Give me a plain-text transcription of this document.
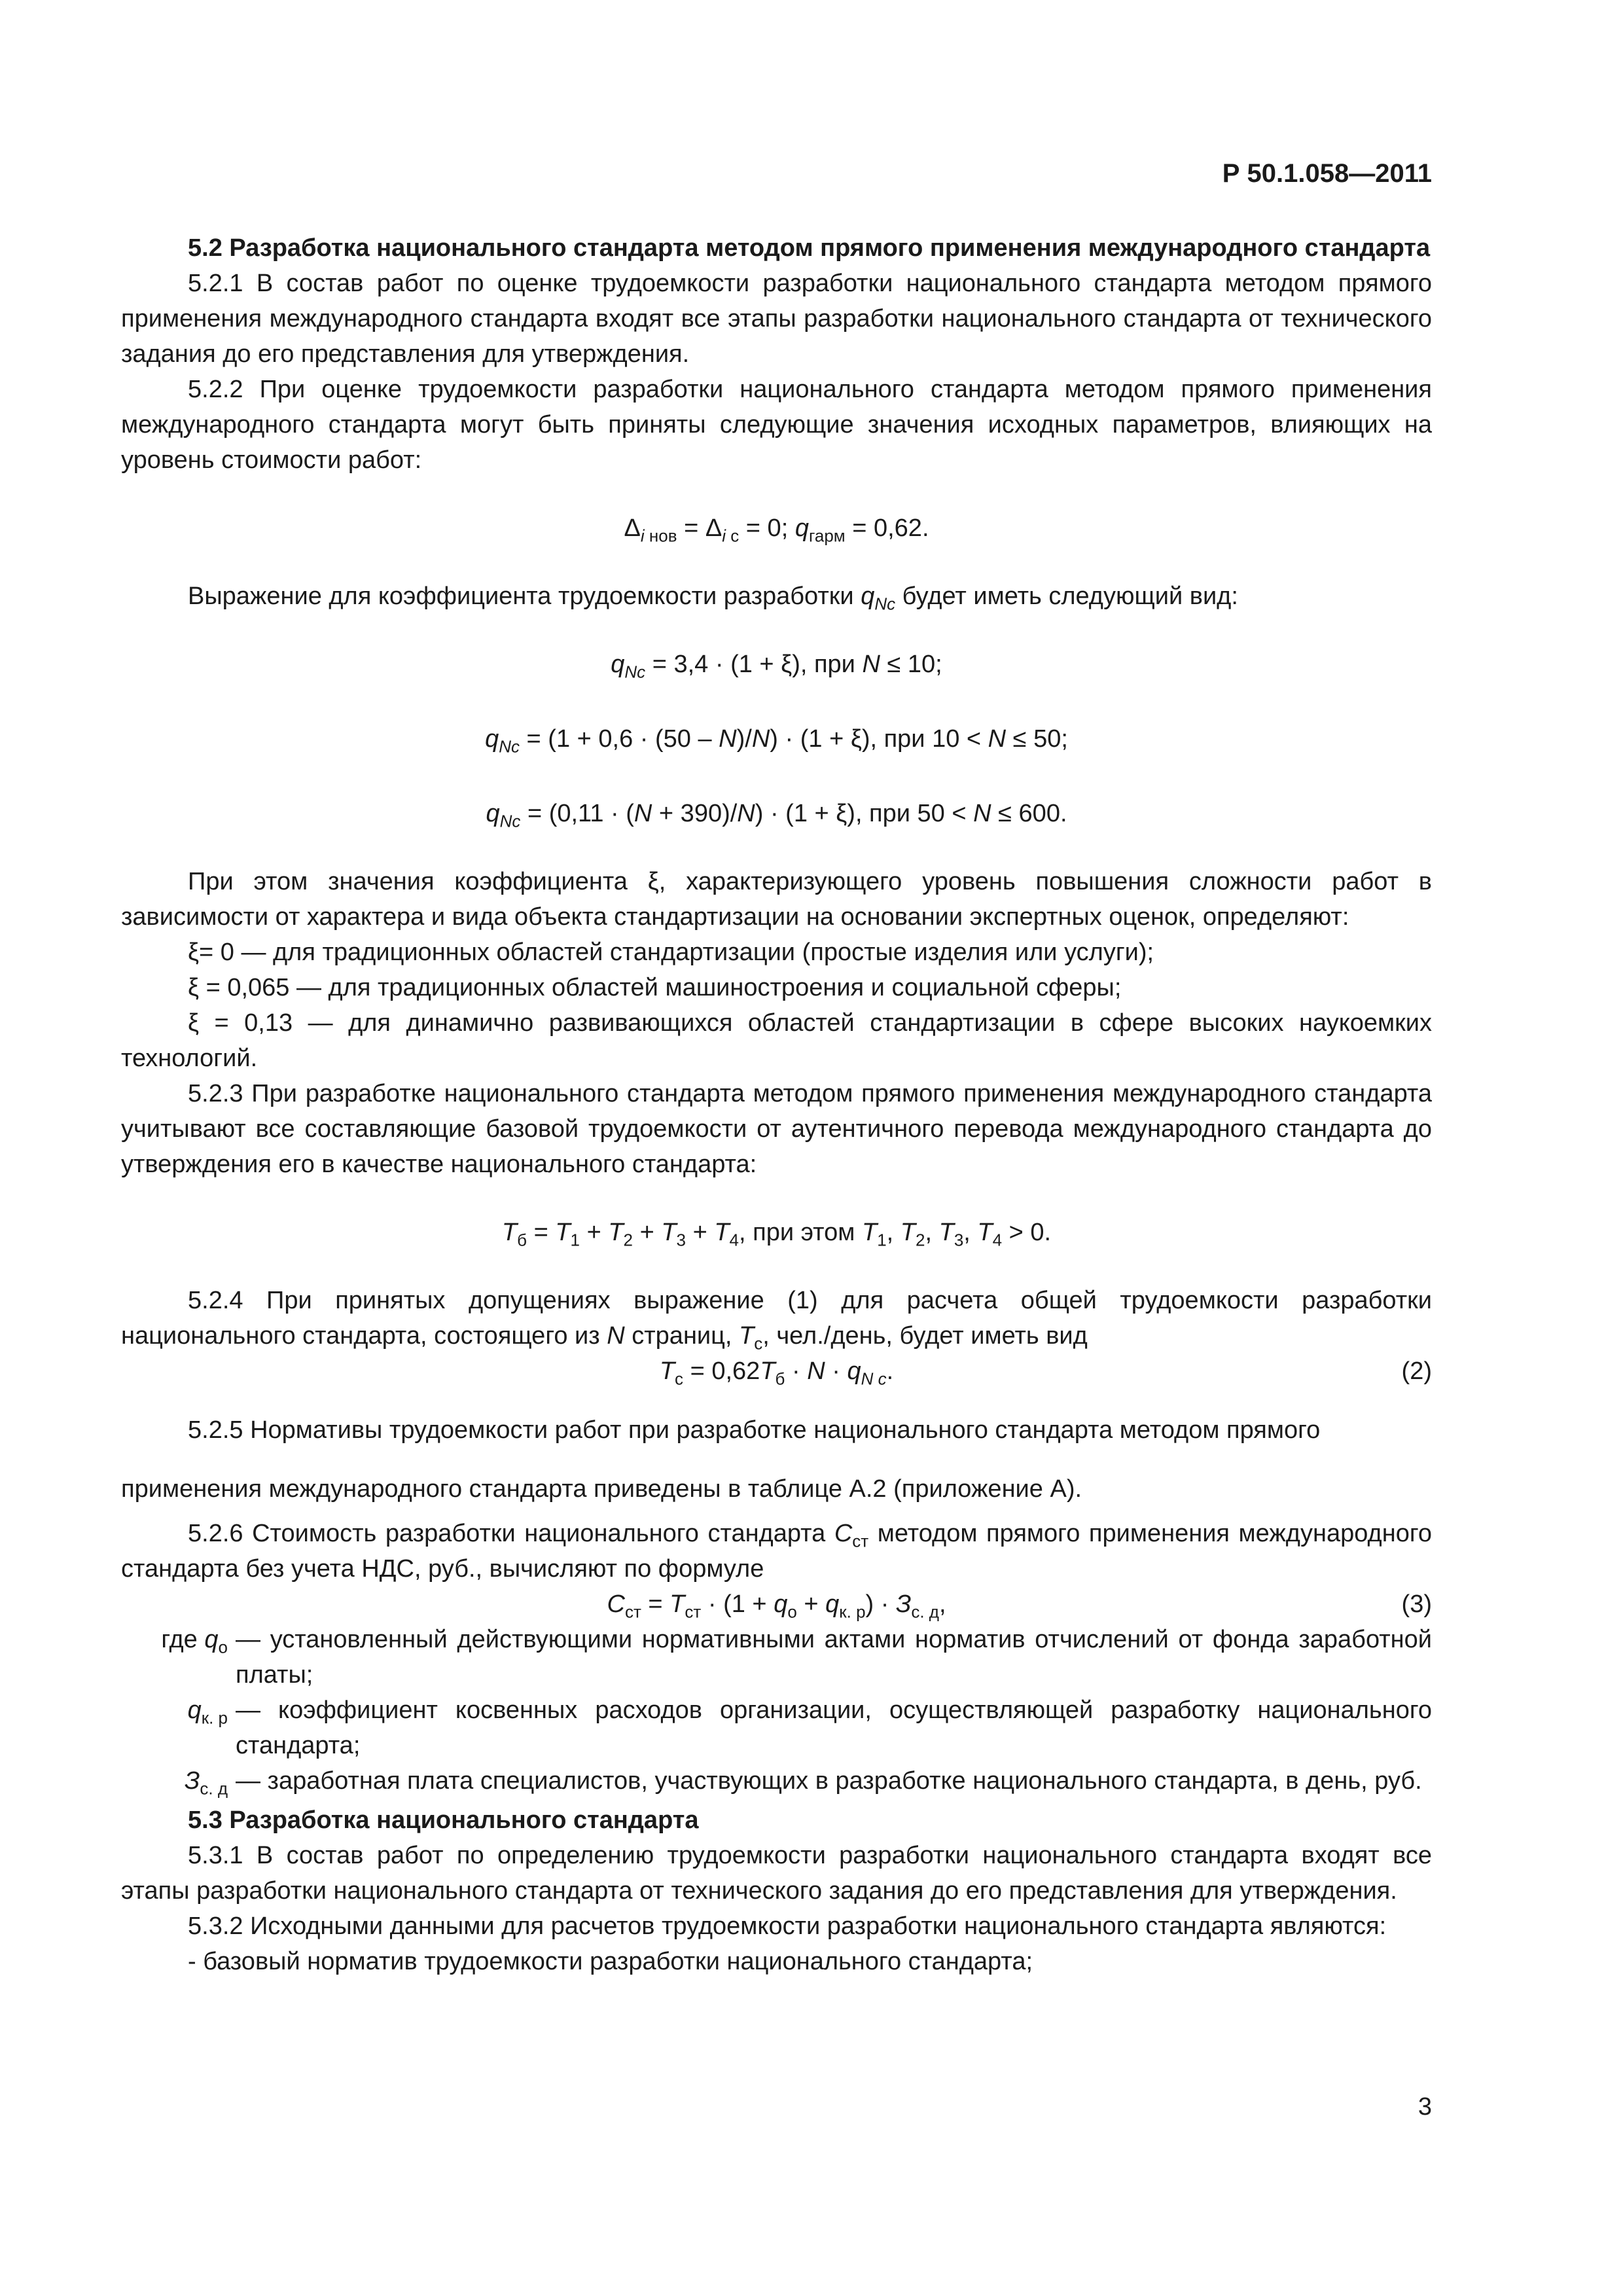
Р 50.1.058—2011

5.2 Разработка национального стандарта методом прямого применения международного стандарта

5.2.1 В состав работ по оценке трудоемкости разработки национального стандарта методом прямого применения международного стандарта входят все этапы разработки национального стандарта от технического задания до его представления для утверждения.

5.2.2 При оценке трудоемкости разработки национального стандарта методом прямого применения международного стандарта могут быть приняты следующие значения исходных параметров, влияющих на уровень стоимости работ:

$\Delta_{i нов} = \Delta_{i с} = 0$; $q_{гарм} = 0,62$.

Выражение для коэффициента трудоемкости разработки $q_{Nc}$ будет иметь следующий вид:

$q_{Nc} = 3,4 \cdot (1 + \xi)$, при N ≤ 10;

$q_{Nc} = (1 + 0,6 \cdot (50 - N)/N) \cdot (1 + \xi)$, при 10 < N ≤ 50;

$q_{Nc} = (0,11 \cdot (N + 390)/N) \cdot (1 + \xi)$, при 50 < N ≤ 600.

При этом значения коэффициента ξ, характеризующего уровень повышения сложности работ в зависимости от характера и вида объекта стандартизации на основании экспертных оценок, определяют:

ξ= 0 — для традиционных областей стандартизации (простые изделия или услуги);

ξ = 0,065 — для традиционных областей машиностроения и социальной сферы;

ξ = 0,13 — для динамично развивающихся областей стандартизации в сфере высоких наукоемких технологий.

5.2.3 При разработке национального стандарта методом прямого применения международного стандарта учитывают все составляющие базовой трудоемкости от аутентичного перевода международного стандарта до утверждения его в качестве национального стандарта:

$T_б = T_1 + T_2 + T_3 + T_4$, при этом $T_1$, $T_2$, $T_3$, $T_4 > 0$.

5.2.4 При принятых допущениях выражение (1) для расчета общей трудоемкости разработки национального стандарта, состоящего из N страниц, $T_с$, чел./день, будет иметь вид

$T_с = 0,62T_б \cdot N \cdot q_{N с}$.	(2)

5.2.5 Нормативы трудоемкости работ при разработке национального стандарта методом прямого

применения международного стандарта приведены в таблице А.2 (приложение А).

5.2.6 Стоимость разработки национального стандарта $C_{ст}$ методом прямого применения международного стандарта без учета НДС, руб., вычисляют по формуле

$C_{ст} = T_{ст} \cdot (1 + q_о + q_{к. р}) \cdot З_{с. д}$,	(3)

где $q_о$ — установленный действующими нормативными актами норматив отчислений от фонда заработной платы;
$q_{к. р}$ — коэффициент косвенных расходов организации, осуществляющей разработку национального стандарта;
$З_{с. д}$ — заработная плата специалистов, участвующих в разработке национального стандарта, в день, руб.

5.3 Разработка национального стандарта

5.3.1 В состав работ по определению трудоемкости разработки национального стандарта входят все этапы разработки национального стандарта от технического задания до его представления для утверждения.

5.3.2 Исходными данными для расчетов трудоемкости разработки национального стандарта являются:

- базовый норматив трудоемкости разработки национального стандарта;

3
